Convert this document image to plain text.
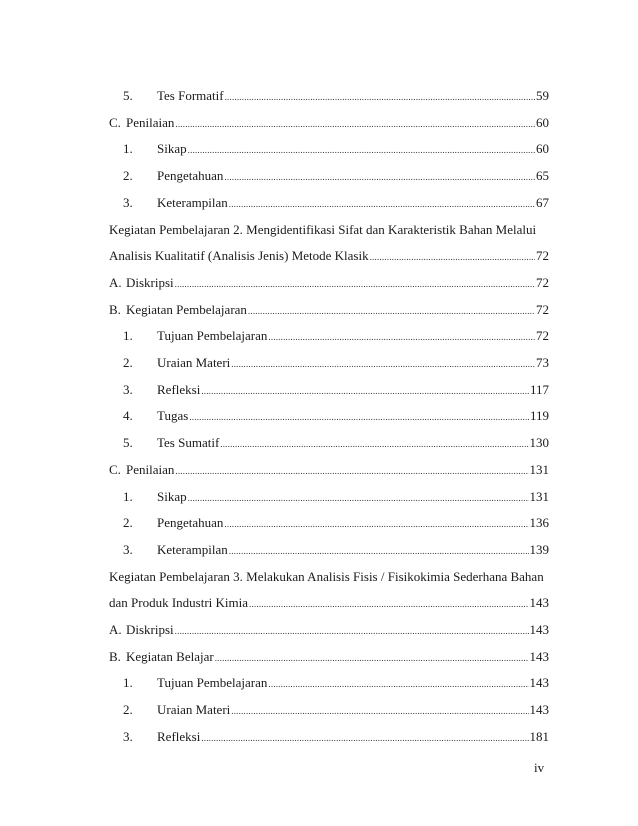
5.	Tes Formatif .....	59
C. Penilaian .....	60
1.	Sikap .....	60
2.	Pengetahuan .....	65
3.	Keterampilan .....	67
Kegiatan Pembelajaran 2. Mengidentifikasi Sifat dan Karakteristik Bahan Melalui
Analisis Kualitatif (Analisis Jenis) Metode Klasik .....	72
A. Diskripsi .....	72
B. Kegiatan Pembelajaran .....	72
1.	Tujuan Pembelajaran .....	72
2.	Uraian Materi .....	73
3.	Refleksi .....	117
4.	Tugas .....	119
5.	Tes Sumatif .....	130
C. Penilaian .....	131
1.	Sikap .....	131
2.	Pengetahuan .....	136
3.	Keterampilan .....	139
Kegiatan Pembelajaran 3. Melakukan Analisis Fisis / Fisikokimia Sederhana Bahan
dan Produk Industri Kimia .....	143
A. Diskripsi .....	143
B. Kegiatan Belajar .....	143
1.	Tujuan Pembelajaran .....	143
2.	Uraian Materi .....	143
3.	Refleksi .....	181
iv
